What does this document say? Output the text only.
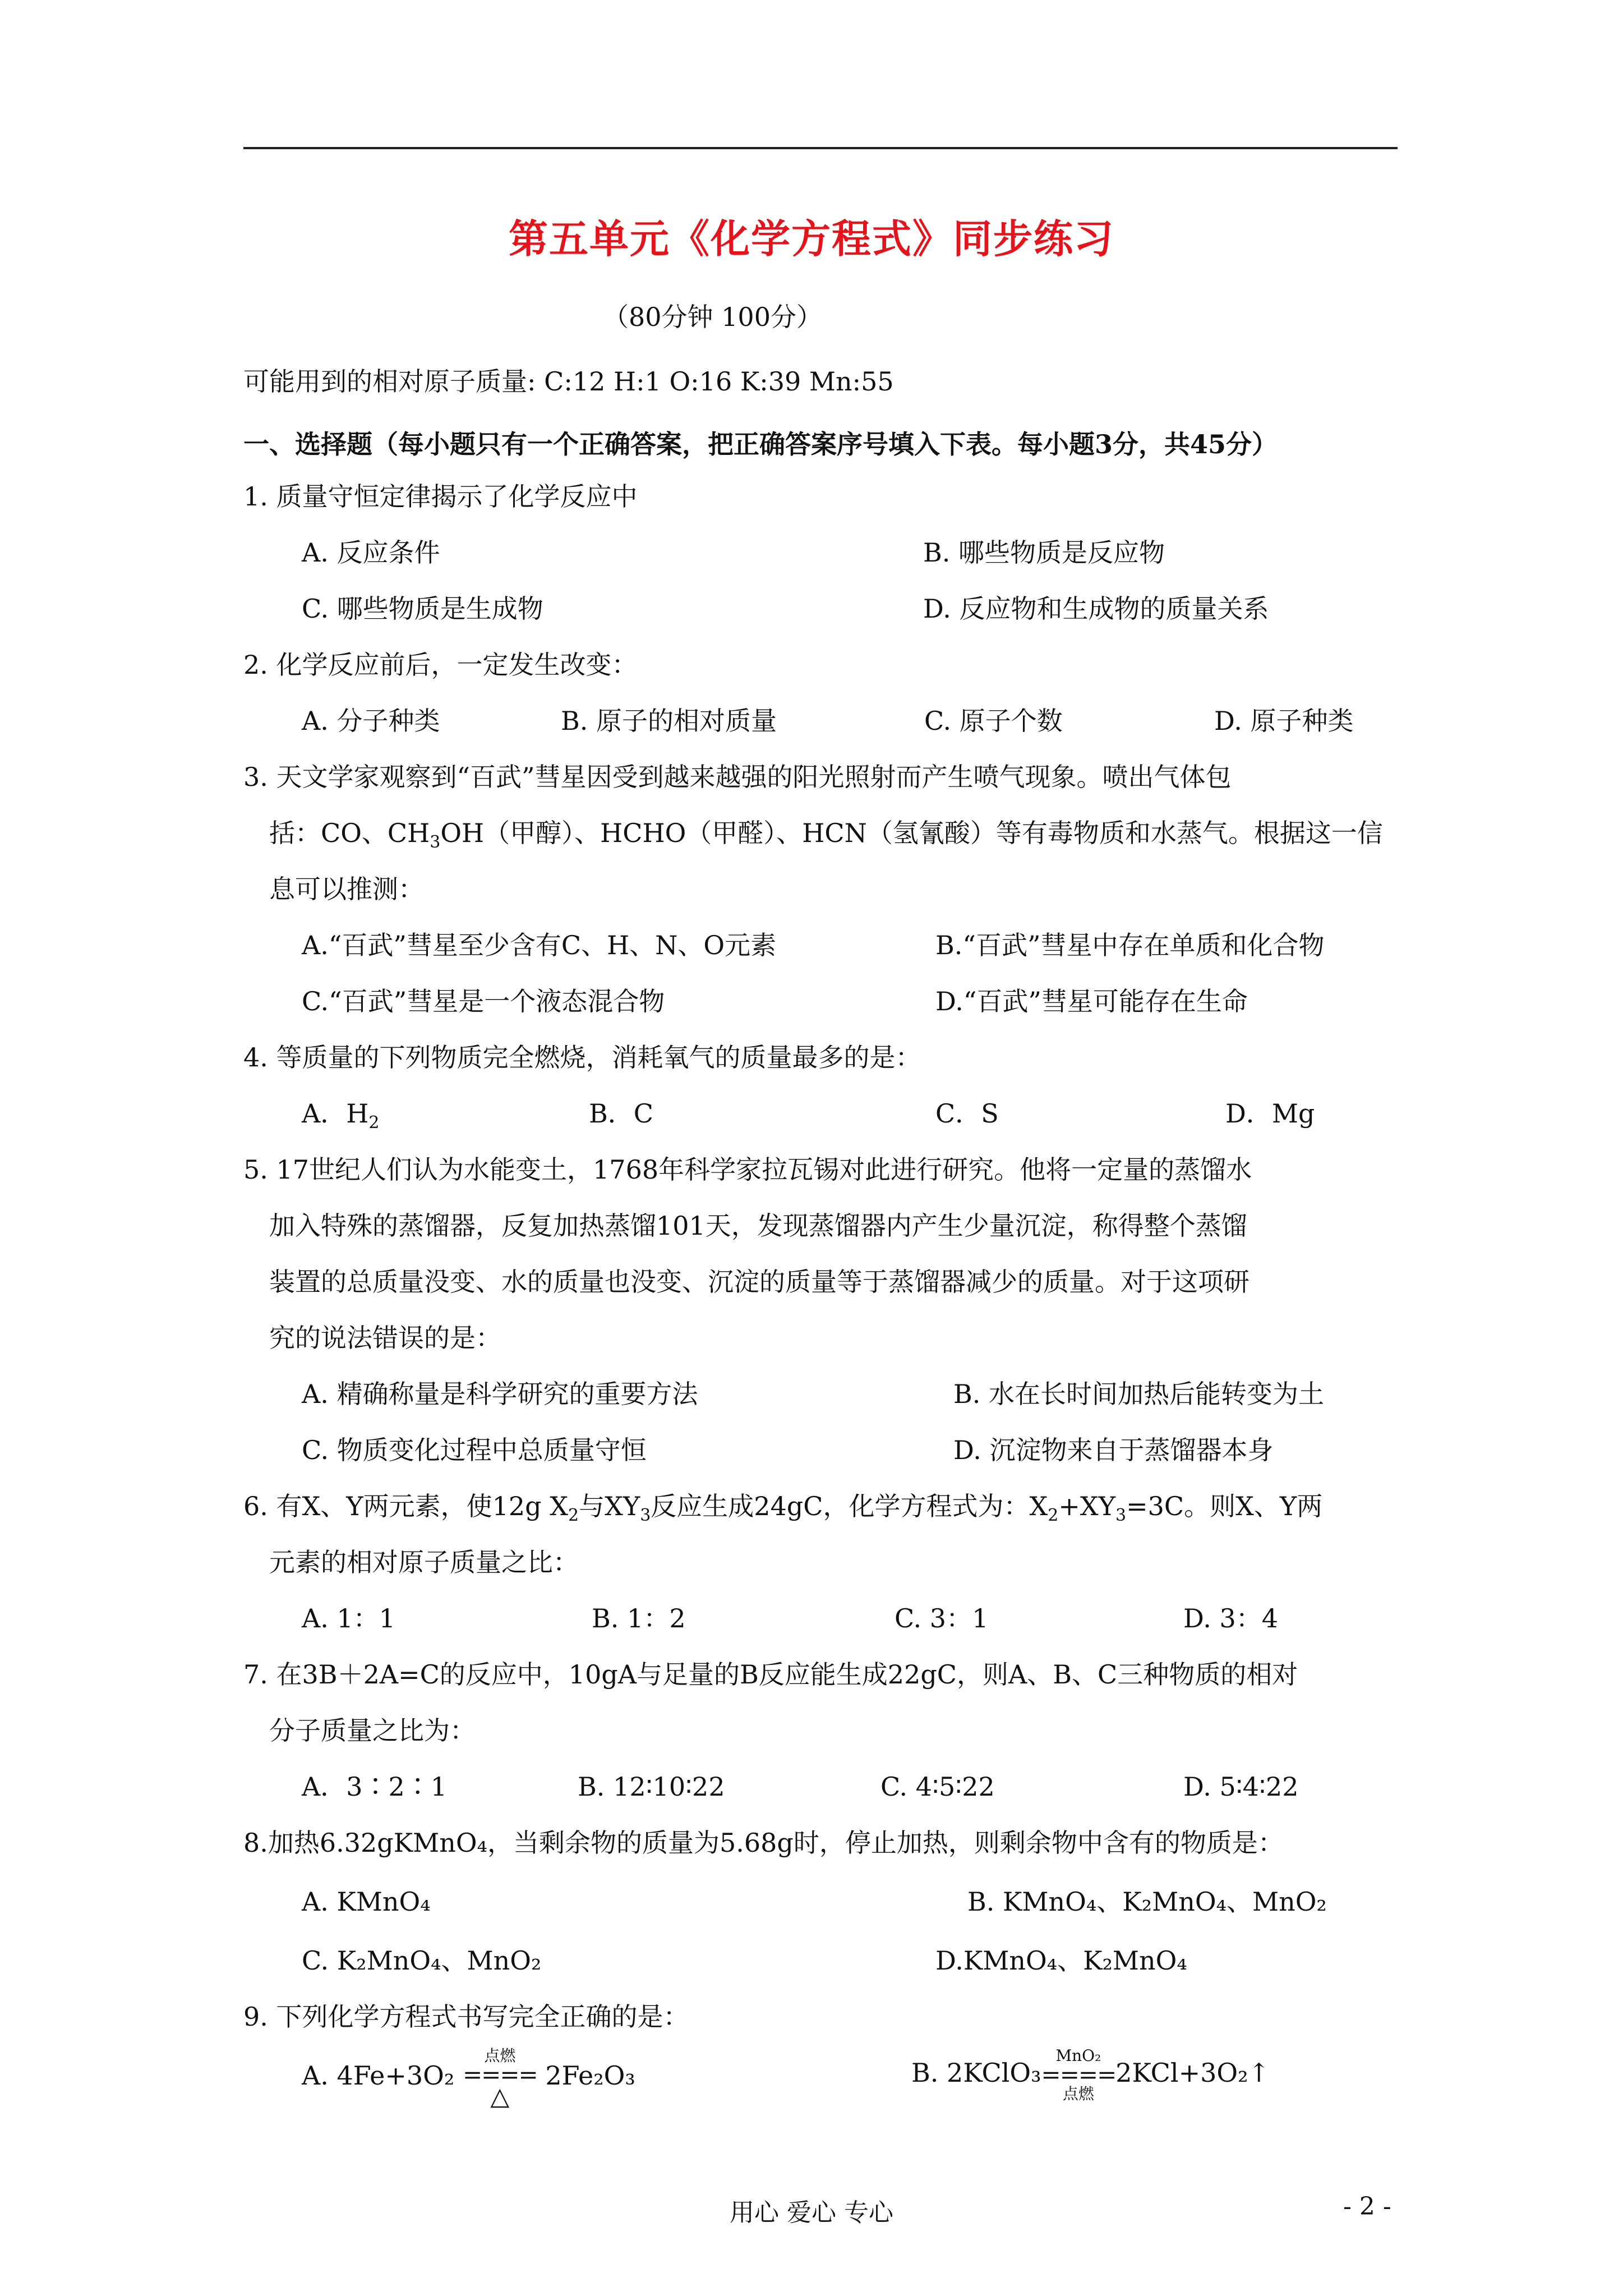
第五单元《化学方程式》同步练习
（80分钟 100分）
可能用到的相对原子质量: C:12 H:1 O:16 K:39 Mn:55
一、选择题（每小题只有一个正确答案，把正确答案序号填入下表。每小题3分，共45分）
1. 质量守恒定律揭示了化学反应中
A. 反应条件	B. 哪些物质是反应物
C. 哪些物质是生成物	D. 反应物和生成物的质量关系
2. 化学反应前后，一定发生改变：
A. 分子种类	B. 原子的相对质量	C. 原子个数	D. 原子种类
3. 天文学家观察到“百武”彗星因受到越来越强的阳光照射而产生喷气现象。喷出气体包
括：CO、$CH_3OH$（甲醇）、HCHO（甲醛）、HCN（氢氰酸）等有毒物质和水蒸气。根据这一信
息可以推测：
A.“百武”彗星至少含有C、H、N、O元素	B.“百武”彗星中存在单质和化合物
C.“百武”彗星是一个液态混合物	D.“百武”彗星可能存在生命
4. 等质量的下列物质完全燃烧，消耗氧气的质量最多的是：
A．$H_2$	B．C	C．S	D．Mg
5. 17世纪人们认为水能变土，1768年科学家拉瓦锡对此进行研究。他将一定量的蒸馏水
加入特殊的蒸馏器，反复加热蒸馏101天，发现蒸馏器内产生少量沉淀，称得整个蒸馏
装置的总质量没变、水的质量也没变、沉淀的质量等于蒸馏器减少的质量。对于这项研
究的说法错误的是：
A. 精确称量是科学研究的重要方法	B. 水在长时间加热后能转变为土
C. 物质变化过程中总质量守恒	D. 沉淀物来自于蒸馏器本身
6. 有X、Y两元素，使12g $X_2$与$XY_3$反应生成24gC，化学方程式为：$X_2+XY_3=3C$。则X、Y两
元素的相对原子质量之比：
A. 1：1	B. 1：2	C. 3：1	D. 3：4
7. 在3B＋2A=C的反应中，10gA与足量的B反应能生成22gC，则A、B、C三种物质的相对
分子质量之比为：
A．3∶2∶1	B. 12∶10∶22	C. 4∶5∶22	D. 5∶4∶22
8.加热6.32gKMnO₄，当剩余物的质量为5.68g时，停止加热，则剩余物中含有的物质是：
A. KMnO₄	B. KMnO₄、K₂MnO₄、MnO₂
C. K₂MnO₄、MnO₂	D.KMnO₄、K₂MnO₄
9. 下列化学方程式书写完全正确的是：
A. 4Fe+3O₂
点燃
====
△
2Fe₂O₃	B. 2KClO₃
MnO₂
====
点燃
2KCl+3O₂↑
用心 爱心 专心	- 2 -
